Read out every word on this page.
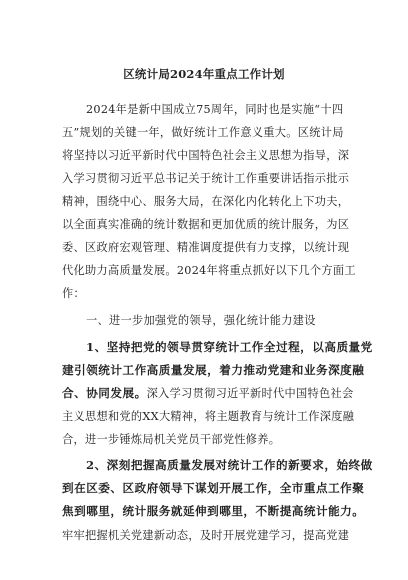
区统计局2024年重点工作计划
2024年是新中国成立75周年，同时也是实施“十四
五”规划的关键一年，做好统计工作意义重大。区统计局
将坚持以习近平新时代中国特色社会主义思想为指导，深
入学习贯彻习近平总书记关于统计工作重要讲话指示批示
精神，围绕中心、服务大局，在深化内化转化上下功夫，
以全面真实准确的统计数据和更加优质的统计服务，为区
委、区政府宏观管理、精准调度提供有力支撑，以统计现
代化助力高质量发展。2024年将重点抓好以下几个方面工
作：
一、进一步加强党的领导，强化统计能力建设
1、坚持把党的领导贯穿统计工作全过程，以高质量党
建引领统计工作高质量发展，着力推动党建和业务深度融
合、协同发展。深入学习贯彻习近平新时代中国特色社会
主义思想和党的XX大精神，将主题教育与统计工作深度融
合，进一步锤炼局机关党员干部党性修养。
2、深刻把握高质量发展对统计工作的新要求，始终做
到在区委、区政府领导下谋划开展工作，全市重点工作聚
焦到哪里，统计服务就延伸到哪里，不断提高统计能力。
牢牢把握机关党建新动态，及时开展党建学习，提高党建
